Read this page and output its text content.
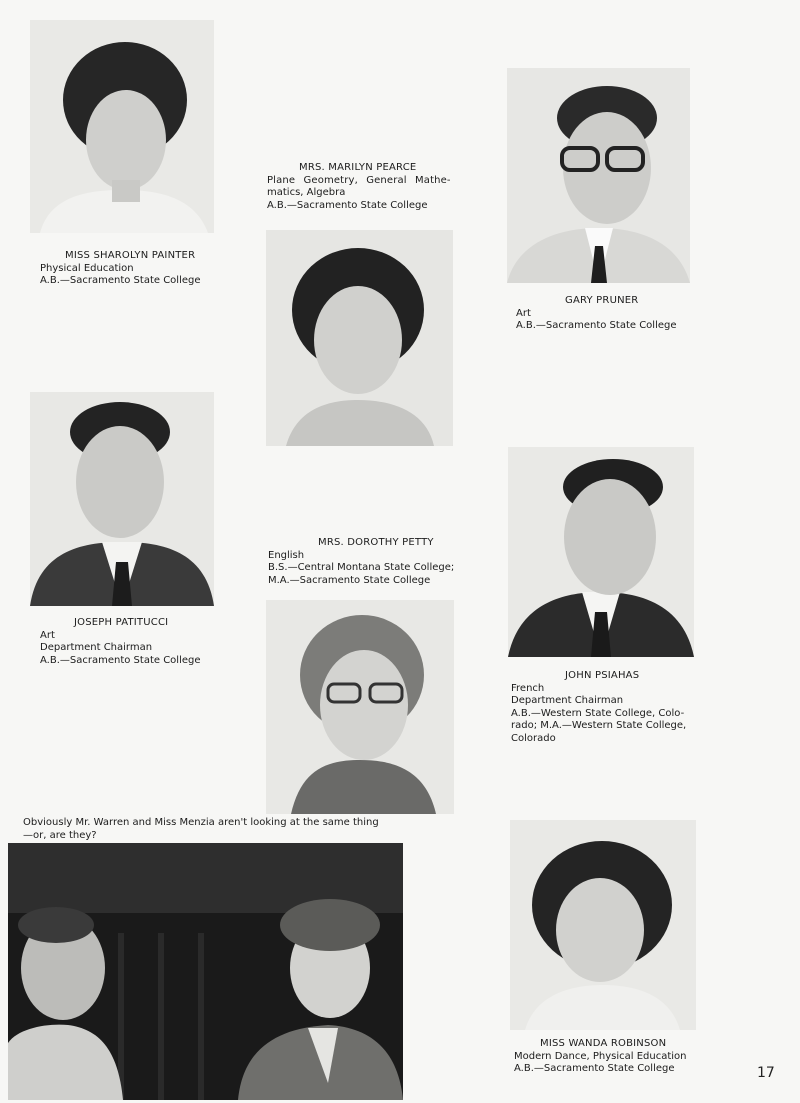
MISS SHAROLYN PAINTER
Physical Education
A.B.—Sacramento State College
MRS. MARILYN PEARCE
Plane Geometry, General Mathe-
matics, Algebra
A.B.—Sacramento State College
GARY PRUNER
Art
A.B.—Sacramento State College
JOSEPH PATITUCCI
Art
Department Chairman
A.B.—Sacramento State College
MRS. DOROTHY PETTY
English
B.S.—Central Montana State College;
M.A.—Sacramento State College
JOHN PSIAHAS
French
Department Chairman
A.B.—Western State College, Colo-
rado; M.A.—Western State College,
Colorado
MISS WANDA ROBINSON
Modern Dance, Physical Education
A.B.—Sacramento State College
Obviously Mr. Warren and Miss Menzia aren't looking at the same thing
—or, are they?
17
